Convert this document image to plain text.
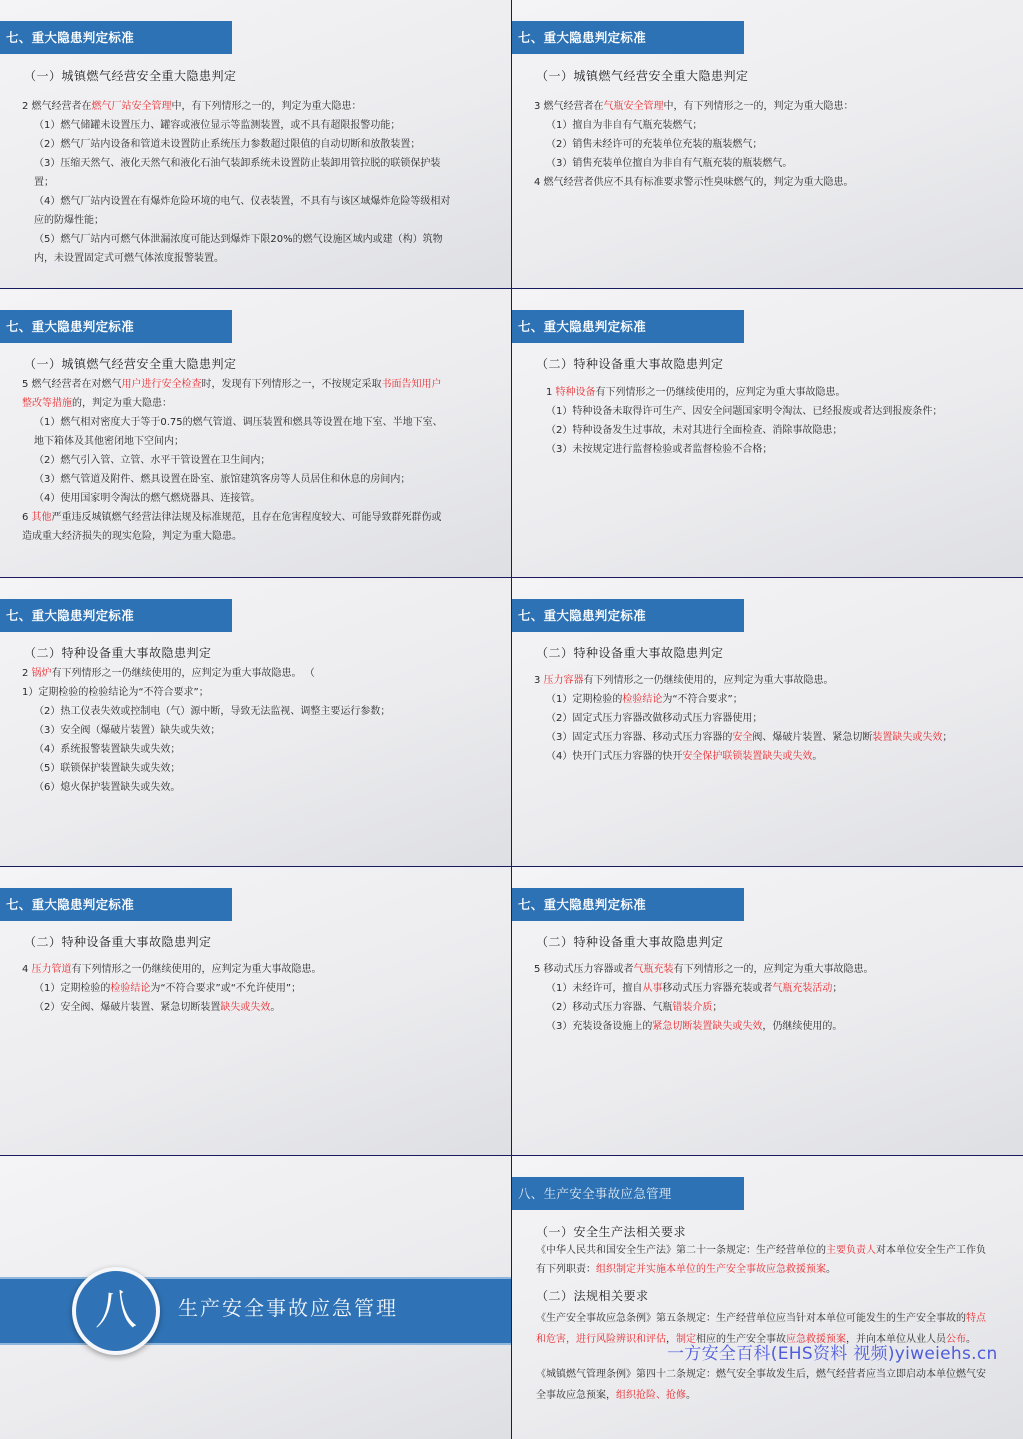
七、重大隐患判定标准
（一）城镇燃气经营安全重大隐患判定

2 燃气经营者在燃气厂站安全管理中，有下列情形之一的，判定为重大隐患：

（1）燃气储罐未设置压力、罐容或液位显示等监测装置，或不具有超限报警功能；

（2）燃气厂站内设备和管道未设置防止系统压力参数超过限值的自动切断和放散装置；

（3）压缩天然气、液化天然气和液化石油气装卸系统未设置防止装卸用管拉脱的联锁保护装置；

（4）燃气厂站内设置在有爆炸危险环境的电气、仪表装置，不具有与该区域爆炸危险等级相对应的防爆性能；

（5）燃气厂站内可燃气体泄漏浓度可能达到爆炸下限20%的燃气设施区域内或建（构）筑物内，未设置固定式可燃气体浓度报警装置。

七、重大隐患判定标准
（一）城镇燃气经营安全重大隐患判定

3 燃气经营者在气瓶安全管理中，有下列情形之一的，判定为重大隐患：

（1）擅自为非自有气瓶充装燃气；

（2）销售未经许可的充装单位充装的瓶装燃气；

（3）销售充装单位擅自为非自有气瓶充装的瓶装燃气。

4 燃气经营者供应不具有标准要求警示性臭味燃气的，判定为重大隐患。

七、重大隐患判定标准
（一）城镇燃气经营安全重大隐患判定

5 燃气经营者在对燃气用户进行安全检查时，发现有下列情形之一，不按规定采取书面告知用户整改等措施的，判定为重大隐患：

（1）燃气相对密度大于等于0.75的燃气管道、调压装置和燃具等设置在地下室、半地下室、地下箱体及其他密闭地下空间内；

（2）燃气引入管、立管、水平干管设置在卫生间内；

（3）燃气管道及附件、燃具设置在卧室、旅馆建筑客房等人员居住和休息的房间内；

（4）使用国家明令淘汰的燃气燃烧器具、连接管。

6 其他严重违反城镇燃气经营法律法规及标准规范，且存在危害程度较大、可能导致群死群伤或造成重大经济损失的现实危险，判定为重大隐患。

七、重大隐患判定标准
（二）特种设备重大事故隐患判定

1 特种设备有下列情形之一仍继续使用的，应判定为重大事故隐患。

（1）特种设备未取得许可生产、因安全问题国家明令淘汰、已经报废或者达到报废条件；

（2）特种设备发生过事故，未对其进行全面检查、消除事故隐患；

（3）未按规定进行监督检验或者监督检验不合格；

七、重大隐患判定标准
（二）特种设备重大事故隐患判定

2 锅炉有下列情形之一仍继续使用的，应判定为重大事故隐患。 （

1）定期检验的检验结论为“不符合要求”；

（2）热工仪表失效或控制电（气）源中断，导致无法监视、调整主要运行参数；

（3）安全阀（爆破片装置）缺失或失效；

（4）系统报警装置缺失或失效；

（5）联锁保护装置缺失或失效；

（6）熄火保护装置缺失或失效。

七、重大隐患判定标准
（二）特种设备重大事故隐患判定

3 压力容器有下列情形之一仍继续使用的，应判定为重大事故隐患。

（1）定期检验的检验结论为“不符合要求”；

（2）固定式压力容器改做移动式压力容器使用；

（3）固定式压力容器、移动式压力容器的安全阀、爆破片装置、紧急切断装置缺失或失效；

（4）快开门式压力容器的快开安全保护联锁装置缺失或失效。

七、重大隐患判定标准
（二）特种设备重大事故隐患判定

4 压力管道有下列情形之一仍继续使用的，应判定为重大事故隐患。

（1）定期检验的检验结论为“不符合要求”或“不允许使用”；

（2）安全阀、爆破片装置、紧急切断装置缺失或失效。

七、重大隐患判定标准
（二）特种设备重大事故隐患判定

5 移动式压力容器或者气瓶充装有下列情形之一的，应判定为重大事故隐患。

（1）未经许可，擅自从事移动式压力容器充装或者气瓶充装活动；

（2）移动式压力容器、气瓶错装介质；

（3）充装设备设施上的紧急切断装置缺失或失效，仍继续使用的。

八	生产安全事故应急管理
八、生产安全事故应急管理
（一）安全生产法相关要求

《中华人民共和国安全生产法》第二十一条规定：生产经营单位的主要负责人对本单位安全生产工作负有下列职责：组织制定并实施本单位的生产安全事故应急救援预案。

（二）法规相关要求

《生产安全事故应急条例》第五条规定：生产经营单位应当针对本单位可能发生的生产安全事故的特点和危害，进行风险辨识和评估，制定相应的生产安全事故应急救援预案，并向本单位从业人员公布。

《城镇燃气管理条例》第四十二条规定：燃气安全事故发生后，燃气经营者应当立即启动本单位燃气安全事故应急预案，组织抢险、抢修。

一方安全百科(EHS资料 视频)yiweiehs.cn
